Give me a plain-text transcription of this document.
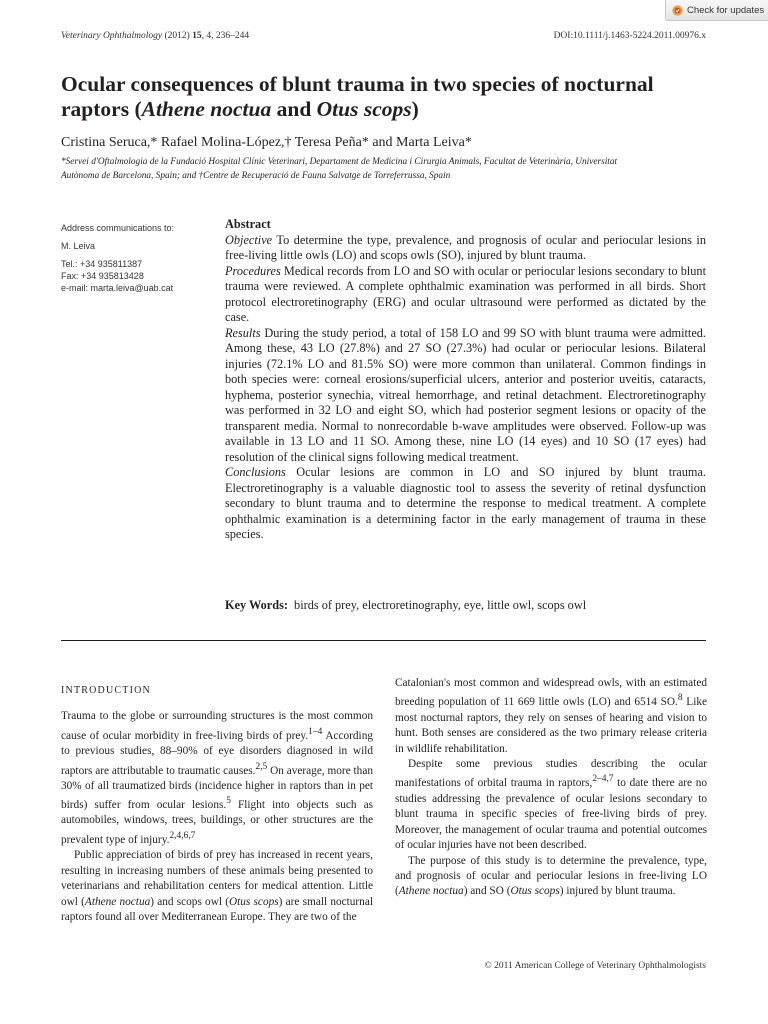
Check for updates
Veterinary Ophthalmology (2012) 15, 4, 236–244	DOI:10.1111/j.1463-5224.2011.00976.x
Ocular consequences of blunt trauma in two species of nocturnal
raptors (Athene noctua and Otus scops)
Cristina Seruca,* Rafael Molina-López,† Teresa Peña* and Marta Leiva*
*Servei d'Oftalmologia de la Fundació Hospital Clínic Veterinari, Departament de Medicina i Cirurgia Animals, Facultat de Veterinària, Universitat
Autònoma de Barcelona, Spain; and †Centre de Recuperació de Fauna Salvatge de Torreferrussa, Spain
Address communications to:
M. Leiva
Tel.: +34 935811387
Fax: +34 935813428
e-mail: marta.leiva@uab.cat
Abstract

Objective To determine the type, prevalence, and prognosis of ocular and periocular lesions in free-living little owls (LO) and scops owls (SO), injured by blunt trauma.

Procedures Medical records from LO and SO with ocular or periocular lesions secondary to blunt trauma were reviewed. A complete ophthalmic examination was performed in all birds. Short protocol electroretinography (ERG) and ocular ultrasound were performed as dictated by the case.

Results During the study period, a total of 158 LO and 99 SO with blunt trauma were admitted. Among these, 43 LO (27.8%) and 27 SO (27.3%) had ocular or periocular lesions. Bilateral injuries (72.1% LO and 81.5% SO) were more common than unilateral. Common findings in both species were: corneal erosions/superficial ulcers, anterior and posterior uveitis, cataracts, hyphema, posterior synechia, vitreal hemorrhage, and retinal detachment. Electroretinography was performed in 32 LO and eight SO, which had posterior segment lesions or opacity of the transparent media. Normal to nonrecordable b-wave amplitudes were observed. Follow-up was available in 13 LO and 11 SO. Among these, nine LO (14 eyes) and 10 SO (17 eyes) had resolution of the clinical signs following medical treatment.

Conclusions Ocular lesions are common in LO and SO injured by blunt trauma. Electroretinography is a valuable diagnostic tool to assess the severity of retinal dysfunction secondary to blunt trauma and to determine the response to medical treatment. A complete ophthalmic examination is a determining factor in the early management of trauma in these species.

Key Words: birds of prey, electroretinography, eye, little owl, scops owl
INTRODUCTION

Trauma to the globe or surrounding structures is the most common cause of ocular morbidity in free-living birds of prey.$^{1-4}$ According to previous studies, 88–90% of eye disorders diagnosed in wild raptors are attributable to traumatic causes.$^{2,5}$ On average, more than 30% of all traumatized birds (incidence higher in raptors than in pet birds) suffer from ocular lesions.$^5$ Flight into objects such as automobiles, windows, trees, buildings, or other structures are the prevalent type of injury.$^{2,4,6,7}$

Public appreciation of birds of prey has increased in recent years, resulting in increasing numbers of these animals being presented to veterinarians and rehabilitation centers for medical attention. Little owl (Athene noctua) and scops owl (Otus scops) are small nocturnal raptors found all over Mediterranean Europe. They are two of the

Catalonian's most common and widespread owls, with an estimated breeding population of 11 669 little owls (LO) and 6514 SO.$^8$ Like most nocturnal raptors, they rely on senses of hearing and vision to hunt. Both senses are considered as the two primary release criteria in wildlife rehabilitation.

Despite some previous studies describing the ocular manifestations of orbital trauma in raptors,$^{2-4,7}$ to date there are no studies addressing the prevalence of ocular lesions secondary to blunt trauma in specific species of free-living birds of prey. Moreover, the management of ocular trauma and potential outcomes of ocular injuries have not been described.

The purpose of this study is to determine the prevalence, type, and prognosis of ocular and periocular lesions in free-living LO (Athene noctua) and SO (Otus scops) injured by blunt trauma.

© 2011 American College of Veterinary Ophthalmologists
